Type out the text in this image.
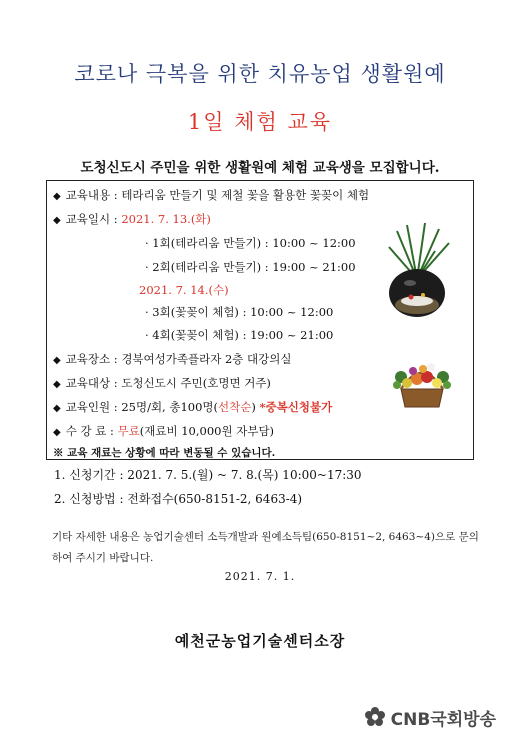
코로나 극복을 위한 치유농업 생활원예
1일 체험 교육
도청신도시 주민을 위한 생활원예 체험 교육생을 모집합니다.
◆ 교육내용 : 테라리움 만들기 및 제철 꽃을 활용한 꽃꽂이 체험
◆ 교육일시 : 2021. 7. 13.(화)
· 1회(테라리움 만들기) : 10:00 ~ 12:00
· 2회(테라리움 만들기) : 19:00 ~ 21:00
2021. 7. 14.(수)
· 3회(꽃꽂이 체험) : 10:00 ~ 12:00
· 4회(꽃꽂이 체험) : 19:00 ~ 21:00
◆ 교육장소 : 경북여성가족플라자 2층 대강의실
◆ 교육대상 : 도청신도시 주민(호명면 거주)
◆ 교육인원 : 25명/회, 총100명(선착순) *중복신청불가
◆ 수 강 료 : 무료(재료비 10,000원 자부담)
※ 교육 재료는 상황에 따라 변동될 수 있습니다.
1. 신청기간 : 2021. 7. 5.(월) ~ 7. 8.(목) 10:00~17:30
2. 신청방법 : 전화접수(650-8151-2, 6463-4)
기타 자세한 내용은 농업기술센터 소득개발과 원예소득팀(650-8151~2, 6463~4)으로 문의하여 주시기 바랍니다.
2021. 7. 1.
예천군농업기술센터소장
CNB국회방송
